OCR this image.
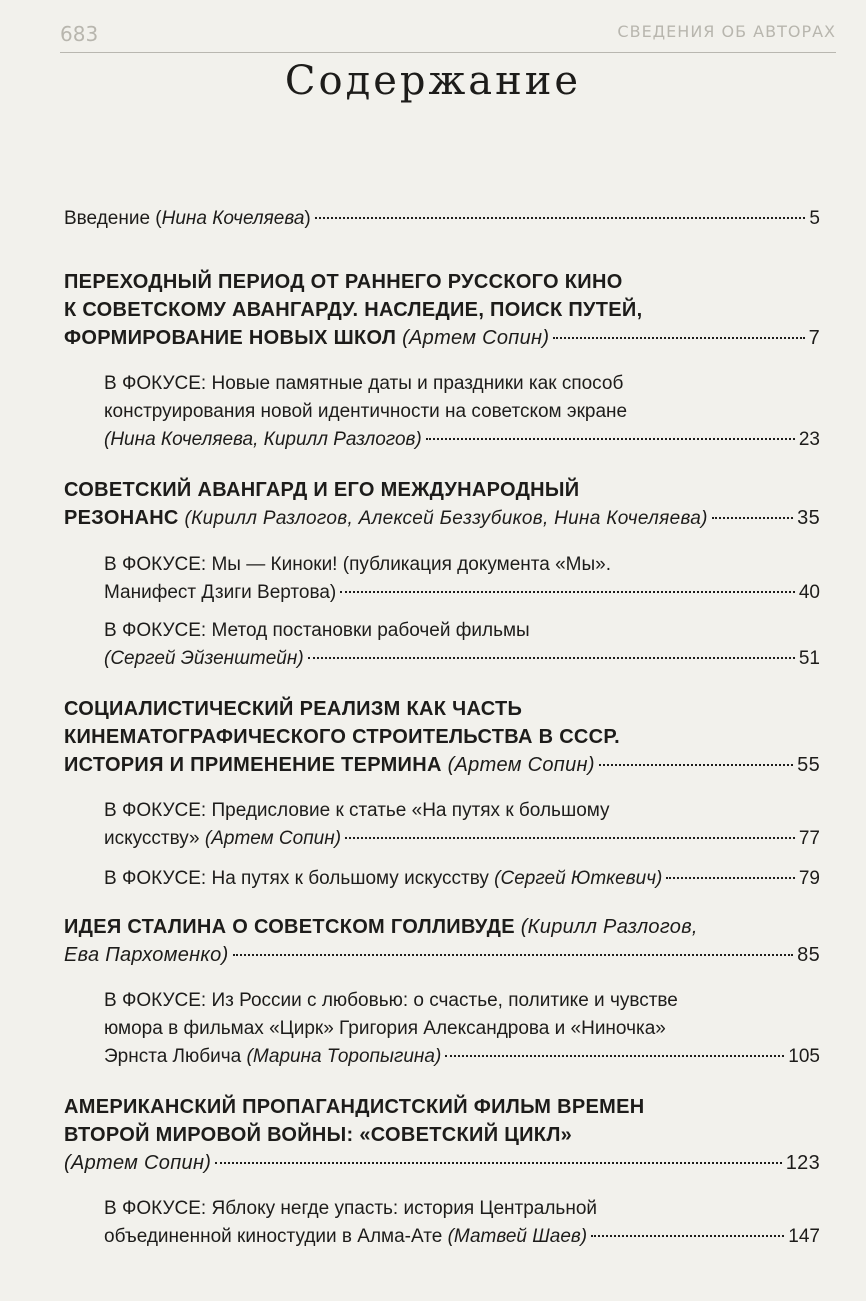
683	СВЕДЕНИЯ ОБ АВТОРАХ
Содержание
Введение (Нина Кочеляева)	5
ПЕРЕХОДНЫЙ ПЕРИОД ОТ РАННЕГО РУССКОГО КИНО
К СОВЕТСКОМУ АВАНГАРДУ. НАСЛЕДИЕ, ПОИСК ПУТЕЙ,
ФОРМИРОВАНИЕ НОВЫХ ШКОЛ (Артем Сопин)	7
В ФОКУСЕ: Новые памятные даты и праздники как способ
конструирования новой идентичности на советском экране
(Нина Кочеляева, Кирилл Разлогов)	23
СОВЕТСКИЙ АВАНГАРД И ЕГО МЕЖДУНАРОДНЫЙ
РЕЗОНАНС (Кирилл Разлогов, Алексей Беззубиков, Нина Кочеляева)	35
В ФОКУСЕ: Мы — Киноки! (публикация документа «Мы».
Манифест Дзиги Вертова)	40
В ФОКУСЕ: Метод постановки рабочей фильмы
(Сергей Эйзенштейн)	51
СОЦИАЛИСТИЧЕСКИЙ РЕАЛИЗМ КАК ЧАСТЬ
КИНЕМАТОГРАФИЧЕСКОГО СТРОИТЕЛЬСТВА В СССР.
ИСТОРИЯ И ПРИМЕНЕНИЕ ТЕРМИНА (Артем Сопин)	55
В ФОКУСЕ: Предисловие к статье «На путях к большому
искусству» (Артем Сопин)	77
В ФОКУСЕ: На путях к большому искусству (Сергей Юткевич)	79
ИДЕЯ СТАЛИНА О СОВЕТСКОМ ГОЛЛИВУДЕ (Кирилл Разлогов,
Ева Пархоменко)	85
В ФОКУСЕ: Из России с любовью: о счастье, политике и чувстве
юмора в фильмах «Цирк» Григория Александрова и «Ниночка»
Эрнста Любича (Марина Торопыгина)	105
АМЕРИКАНСКИЙ ПРОПАГАНДИСТСКИЙ ФИЛЬМ ВРЕМЕН
ВТОРОЙ МИРОВОЙ ВОЙНЫ: «СОВЕТСКИЙ ЦИКЛ»
(Артем Сопин)	123
В ФОКУСЕ: Яблоку негде упасть: история Центральной
объединенной киностудии в Алма-Ате (Матвей Шаев)	147
